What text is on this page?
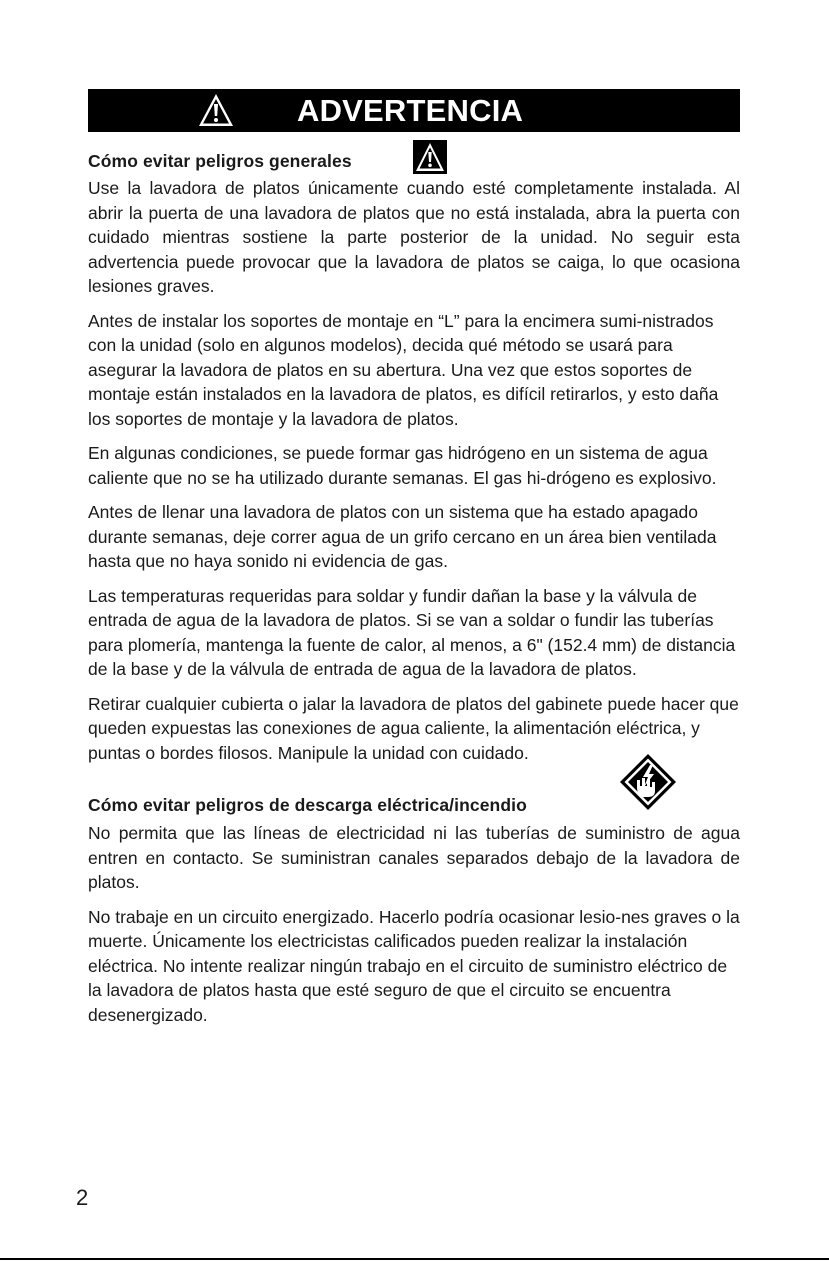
ADVERTENCIA
Cómo evitar peligros generales

Use la lavadora de platos únicamente cuando esté completamente instalada. Al abrir la puerta de una lavadora de platos que no está instalada, abra la puerta con cuidado mientras sostiene la parte posterior de la unidad. No seguir esta advertencia puede provocar que la lavadora de platos se caiga, lo que ocasiona lesiones graves.

Antes de instalar los soportes de montaje en “L” para la encimera sumi-nistrados con la unidad (solo en algunos modelos), decida qué método se usará para asegurar la lavadora de platos en su abertura. Una vez que estos soportes de montaje están instalados en la lavadora de platos, es difícil retirarlos, y esto daña los soportes de montaje y la lavadora de platos.

En algunas condiciones, se puede formar gas hidrógeno en un sistema de agua caliente que no se ha utilizado durante semanas. El gas hi-drógeno es explosivo.

Antes de llenar una lavadora de platos con un sistema que ha estado apagado durante semanas, deje correr agua de un grifo cercano en un área bien ventilada hasta que no haya sonido ni evidencia de gas.

Las temperaturas requeridas para soldar y fundir dañan la base y la válvula de entrada de agua de la lavadora de platos. Si se van a soldar o fundir las tuberías para plomería, mantenga la fuente de calor, al menos, a 6" (152.4 mm) de distancia de la base y de la válvula de entrada de agua de la lavadora de platos.

Retirar cualquier cubierta o jalar la lavadora de platos del gabinete puede hacer que queden expuestas las conexiones de agua caliente, la alimentación eléctrica, y puntas o bordes filosos. Manipule la unidad con cuidado.

Cómo evitar peligros de descarga eléctrica/incendio

No permita que las líneas de electricidad ni las tuberías de suministro de agua entren en contacto. Se suministran canales separados debajo de la lavadora de platos.

No trabaje en un circuito energizado. Hacerlo podría ocasionar lesio-nes graves o la muerte. Únicamente los electricistas calificados pueden realizar la instalación eléctrica. No intente realizar ningún trabajo en el circuito de suministro eléctrico de la lavadora de platos hasta que esté seguro de que el circuito se encuentra desenergizado.

2
